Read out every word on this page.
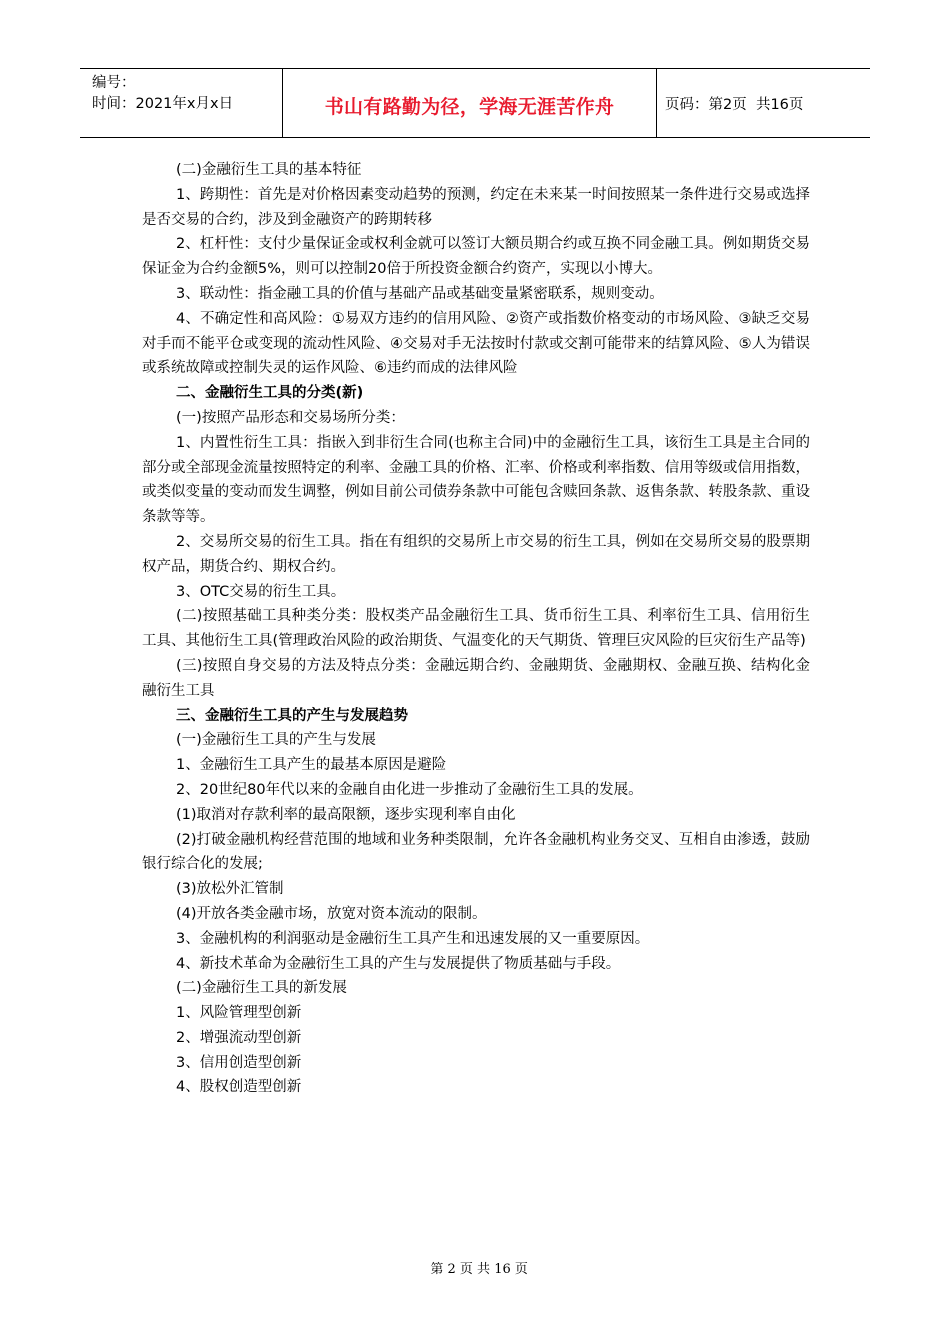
编号：
时间：2021年x月x日	书山有路勤为径，学海无涯苦作舟	页码：第2页  共16页

(二)金融衍生工具的基本特征

1、跨期性：首先是对价格因素变动趋势的预测，约定在未来某一时间按照某一条件进行交易或选择是否交易的合约，涉及到金融资产的跨期转移

2、杠杆性：支付少量保证金或权利金就可以签订大额员期合约或互换不同金融工具。例如期货交易保证金为合约金额5%，则可以控制20倍于所投资金额合约资产，实现以小博大。

3、联动性：指金融工具的价值与基础产品或基础变量紧密联系，规则变动。

4、不确定性和高风险：①易双方违约的信用风险、②资产或指数价格变动的市场风险、③缺乏交易对手而不能平仓或变现的流动性风险、④交易对手无法按时付款或交割可能带来的结算风险、⑤人为错误或系统故障或控制失灵的运作风险、⑥违约而成的法律风险

二、金融衍生工具的分类(新)

(一)按照产品形态和交易场所分类：

1、内置性衍生工具：指嵌入到非衍生合同(也称主合同)中的金融衍生工具，该衍生工具是主合同的部分或全部现金流量按照特定的利率、金融工具的价格、汇率、价格或利率指数、信用等级或信用指数，或类似变量的变动而发生调整，例如目前公司债券条款中可能包含赎回条款、返售条款、转股条款、重设条款等等。

2、交易所交易的衍生工具。指在有组织的交易所上市交易的衍生工具，例如在交易所交易的股票期权产品，期货合约、期权合约。

3、OTC交易的衍生工具。

(二)按照基础工具种类分类：股权类产品金融衍生工具、货币衍生工具、利率衍生工具、信用衍生工具、其他衍生工具(管理政治风险的政治期货、气温变化的天气期货、管理巨灾风险的巨灾衍生产品等)

(三)按照自身交易的方法及特点分类：金融远期合约、金融期货、金融期权、金融互换、结构化金融衍生工具

三、金融衍生工具的产生与发展趋势

(一)金融衍生工具的产生与发展

1、金融衍生工具产生的最基本原因是避险

2、20世纪80年代以来的金融自由化进一步推动了金融衍生工具的发展。

(1)取消对存款利率的最高限额，逐步实现利率自由化

(2)打破金融机构经营范围的地域和业务种类限制，允许各金融机构业务交叉、互相自由渗透，鼓励银行综合化的发展;

(3)放松外汇管制

(4)开放各类金融市场，放宽对资本流动的限制。

3、金融机构的利润驱动是金融衍生工具产生和迅速发展的又一重要原因。

4、新技术革命为金融衍生工具的产生与发展提供了物质基础与手段。

(二)金融衍生工具的新发展

1、风险管理型创新

2、增强流动型创新

3、信用创造型创新

4、股权创造型创新

第 2 页 共 16 页
